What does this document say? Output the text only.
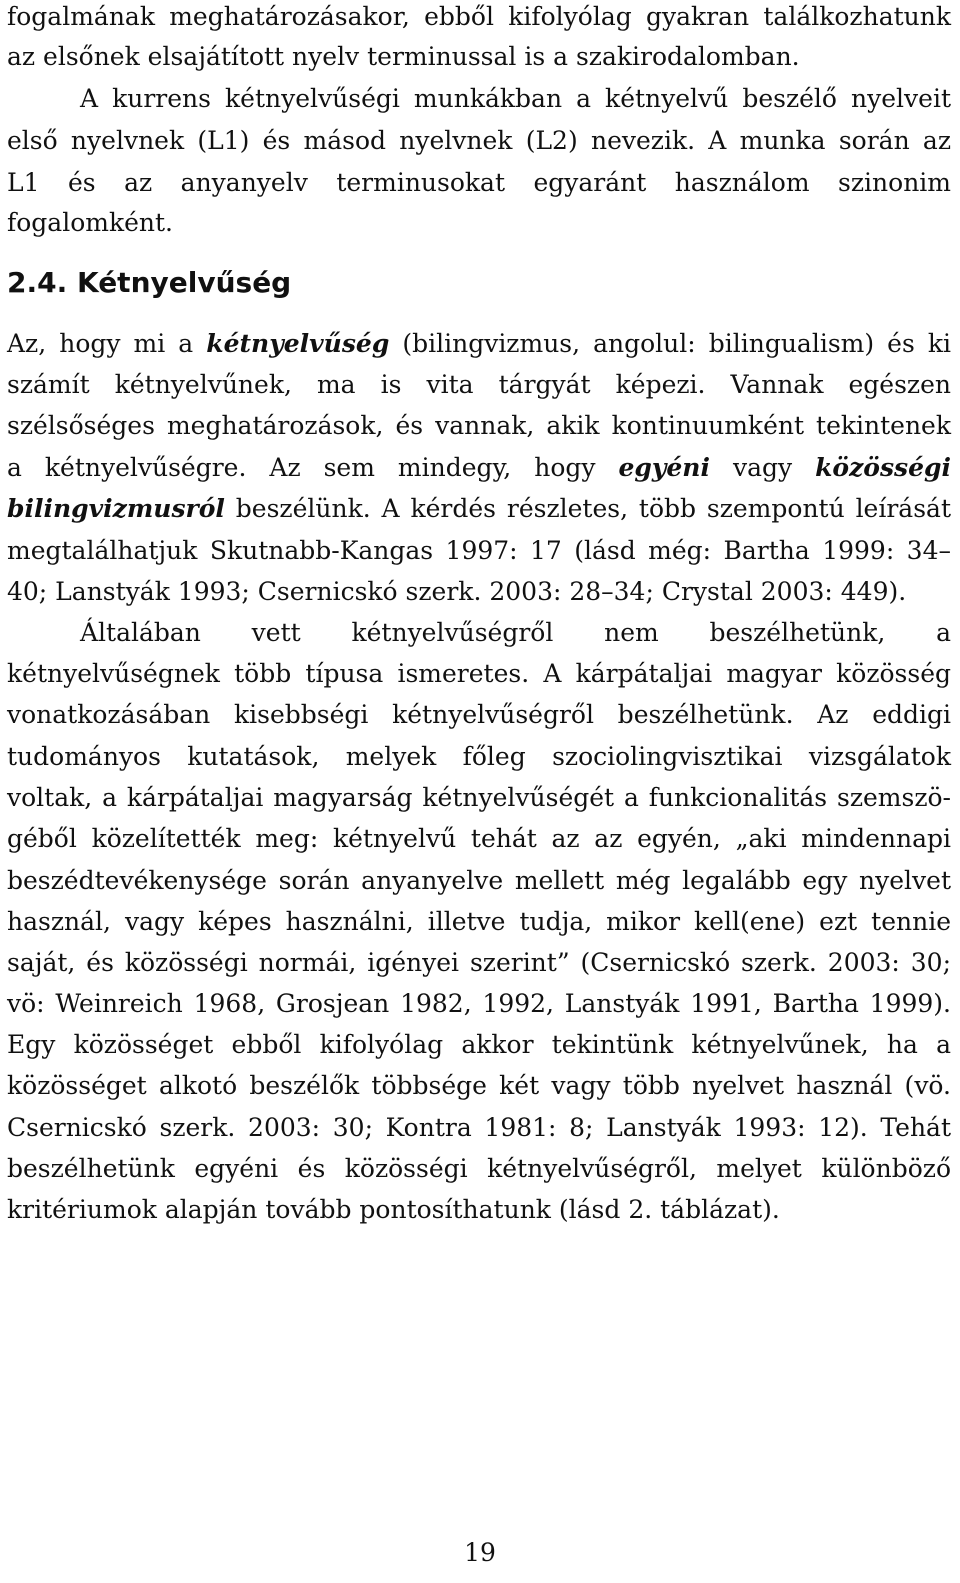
fogalmának meghatározásakor, ebből kifolyólag gyakran találkozhatunk
az elsőnek elsajátított nyelv terminussal is a szakirodalomban.
A kurrens kétnyelvűségi munkákban a kétnyelvű beszélő nyelveit
első nyelvnek (L1) és másod nyelvnek (L2) nevezik. A munka során az
L1 és az anyanyelv terminusokat egyaránt használom szinonim
fogalomként.
2.4. Kétnyelvűség
Az, hogy mi a kétnyelvűség (bilingvizmus, angolul: bilingualism) és ki
számít kétnyelvűnek, ma is vita tárgyát képezi. Vannak egészen
szélsőséges meghatározások, és vannak, akik kontinuumként tekintenek
a kétnyelvűségre. Az sem mindegy, hogy egyéni vagy közösségi
bilingvizmusról beszélünk. A kérdés részletes, több szempontú leírását
megtalálhatjuk Skutnabb-Kangas 1997: 17 (lásd még: Bartha 1999: 34–
40; Lanstyák 1993; Csernicskó szerk. 2003: 28–34; Crystal 2003: 449).
Általában vett kétnyelvűségről nem beszélhetünk, a
kétnyelvűségnek több típusa ismeretes. A kárpátaljai magyar közösség
vonatkozásában kisebbségi kétnyelvűségről beszélhetünk. Az eddigi
tudományos kutatások, melyek főleg szociolingvisztikai vizsgálatok
voltak, a kárpátaljai magyarság kétnyelvűségét a funkcionalitás szemszö-
géből közelítették meg: kétnyelvű tehát az az egyén, „aki mindennapi
beszédtevékenysége során anyanyelve mellett még legalább egy nyelvet
használ, vagy képes használni, illetve tudja, mikor kell(ene) ezt tennie
saját, és közösségi normái, igényei szerint” (Csernicskó szerk. 2003: 30;
vö: Weinreich 1968, Grosjean 1982, 1992, Lanstyák 1991, Bartha 1999).
Egy közösséget ebből kifolyólag akkor tekintünk kétnyelvűnek, ha a
közösséget alkotó beszélők többsége két vagy több nyelvet használ (vö.
Csernicskó szerk. 2003: 30; Kontra 1981: 8; Lanstyák 1993: 12). Tehát
beszélhetünk egyéni és közösségi kétnyelvűségről, melyet különböző
kritériumok alapján tovább pontosíthatunk (lásd 2. táblázat).
19
